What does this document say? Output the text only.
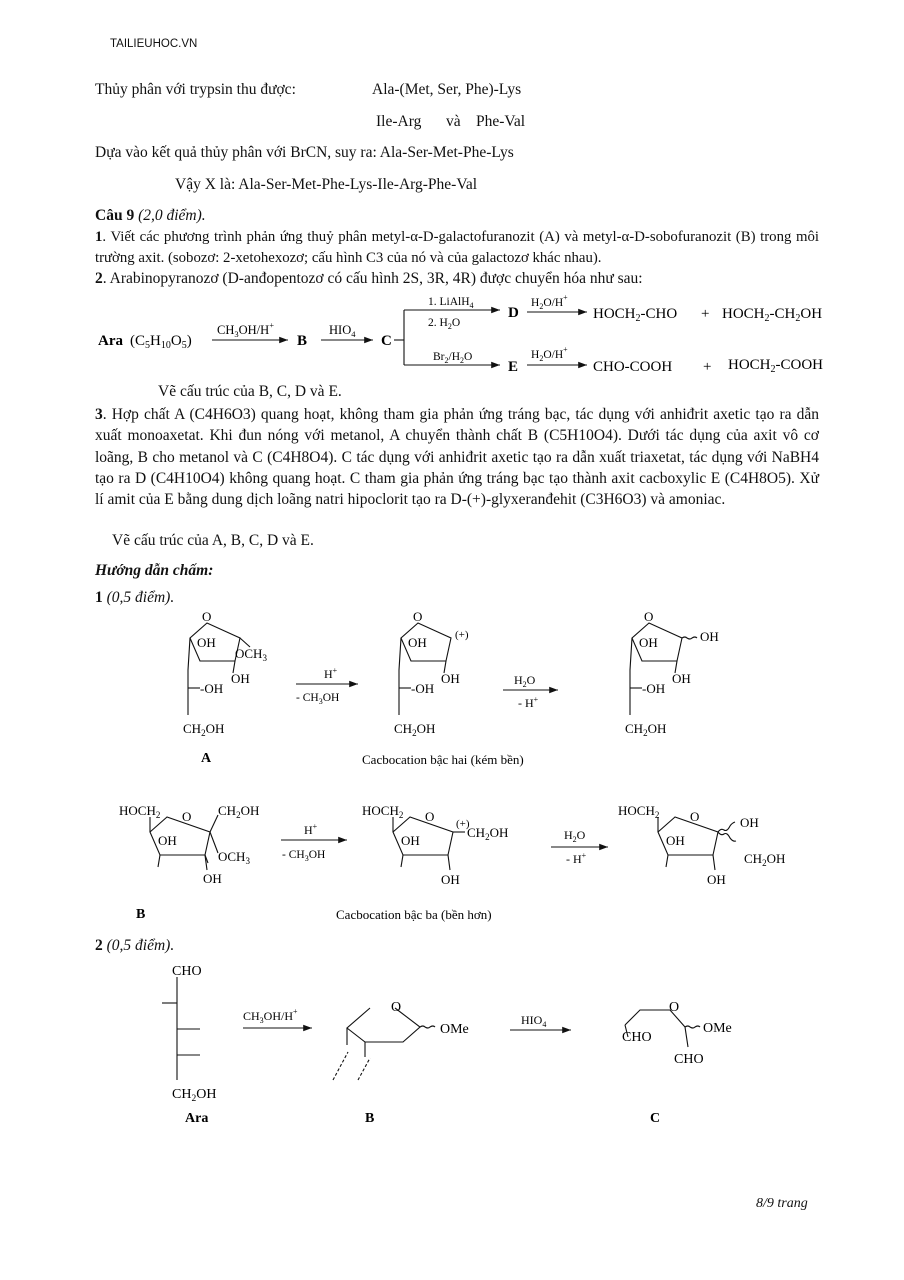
TAILIEUHOC.VN
Thủy phân với trypsin thu được:	Ala-(Met, Ser, Phe)-Lys
Ile-Arg và Phe-Val
Dựa vào kết quả thủy phân với BrCN, suy ra: Ala-Ser-Met-Phe-Lys
Vậy X là: Ala-Ser-Met-Phe-Lys-Ile-Arg-Phe-Val
Câu 9 (2,0 điểm).
1. Viết các phương trình phản ứng thuỷ phân metyl-α-D-galactofuranozit (A) và metyl-α-D-sobofuranozit (B) trong môi trường axit. (sobozơ: 2-xetohexozơ; cấu hình C3 của nó và của galactozơ khác nhau).
2. Arabinopyranozơ (D-anđopentozơ có cấu hình 2S, 3R, 4R) được chuyển hóa như sau:
Ara $(C_5H_{10}O_5)$
$CH_3OH/H^+$
B
$HIO_4$ C
1. LiAlH$_4$
2. $H_2O$
D
$H_2O/H^+$
$HOCH_2$-CHO + $HOCH_2-CH_2OH$
$Br_2/H_2O$
E
$H_2O/H^+$
CHO-COOH + $HOCH_2$-COOH
Vẽ cấu trúc của B, C, D và E.
3. Hợp chất A (C4H6O3) quang hoạt, không tham gia phản ứng tráng bạc, tác dụng với anhiđrit axetic tạo ra dẫn xuất monoaxetat. Khi đun nóng với metanol, A chuyển thành chất B (C5H10O4). Dưới tác dụng của axit vô cơ loãng, B cho metanol và C (C4H8O4). C tác dụng với anhiđrit axetic tạo ra dẫn xuất triaxetat, tác dụng với NaBH4 tạo ra D (C4H10O4) không quang hoạt. C tham gia phản ứng tráng bạc tạo thành axit cacboxylic E (C4H8O5). Xử lí amit của E bằng dung dịch loãng natri hipoclorit tạo ra D-(+)-glyxeranđehit (C3H6O3) và amoniac.
Vẽ cấu trúc của A, B, C, D và E.
Hướng dẫn chấm:
1 (0,5 điểm).
O
OH
$OCH_3$
OH
-OH
$CH_2OH$
O
OH	(+)
OH
-OH
$CH_2OH$
O
OH	OH
OH
-OH
$CH_2OH$
H+
- $CH_3OH$
$H_2O$
- H+
A	Cacbocation bậc hai (kém bền)
$HOCH_2$ O $CH_2OH$
OH
$OCH_3$
OH
$HOCH_2$ O (+)
$CH_2OH$
OH
OH
$HOCH_2$ O	OH
$CH_2OH$
OH
OH
H+
- $CH_3OH$
$H_2O$
- H+
B	Cacbocation bậc ba (bền hơn)
2 (0,5 điểm).
CHO
$CH_2OH$
Ara
$CH_3OH/H^+$	O
OMe
B
$HIO_4$
O
OMe
CHO
CHO
C
8/9 trang
